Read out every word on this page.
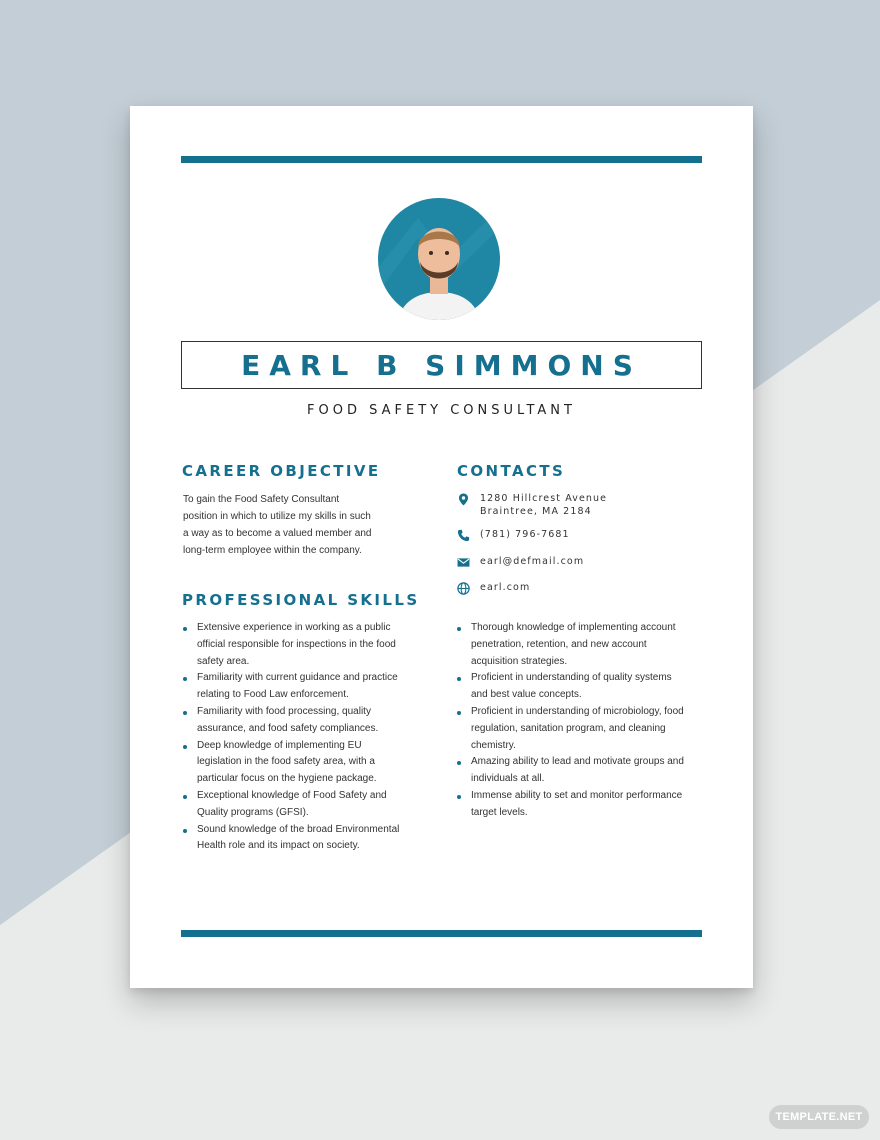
EARL B SIMMONS
FOOD SAFETY CONSULTANT
CAREER OBJECTIVE
To gain the Food Safety Consultant
position in which to utilize my skills in such
a way as to become a valued member and
long-term employee within the company.
CONTACTS
1280 Hillcrest Avenue
Braintree, MA 2184
(781) 796-7681
earl@defmail.com
earl.com
PROFESSIONAL SKILLS
Extensive experience in working as a public
official responsible for inspections in the food
safety area.
Familiarity with current guidance and practice
relating to Food Law enforcement.
Familiarity with food processing, quality
assurance, and food safety compliances.
Deep knowledge of implementing EU
legislation in the food safety area, with a
particular focus on the hygiene package.
Exceptional knowledge of Food Safety and
Quality programs (GFSI).
Sound knowledge of the broad Environmental
Health role and its impact on society.
Thorough knowledge of implementing account
penetration, retention, and new account
acquisition strategies.
Proficient in understanding of quality systems
and best value concepts.
Proficient in understanding of microbiology, food
regulation, sanitation program, and cleaning
chemistry.
Amazing ability to lead and motivate groups and
individuals at all.
Immense ability to set and monitor performance
target levels.
TEMPLATE.NET
